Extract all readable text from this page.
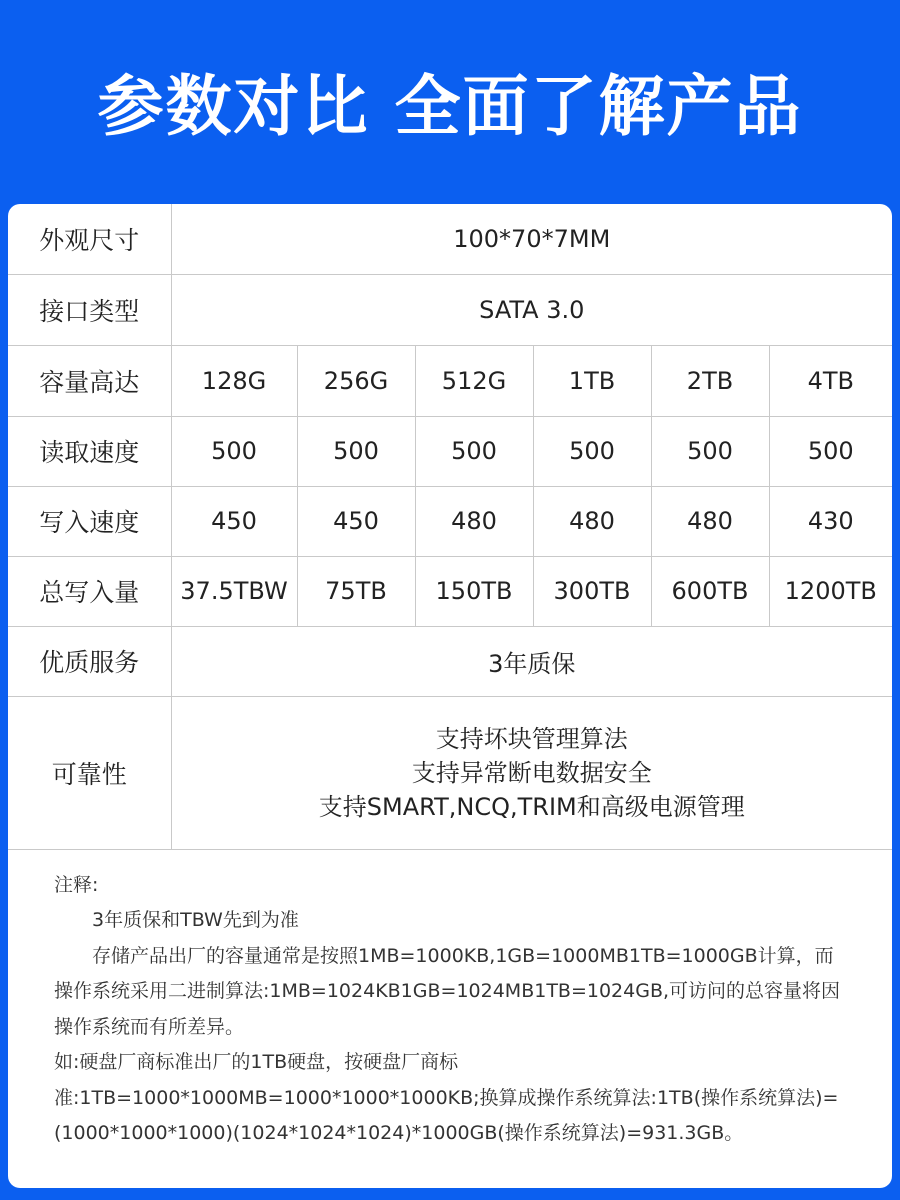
参数对比 全面了解产品
外观尺寸	100*70*7MM					
接口类型	SATA 3.0					
容量高达	128G	256G	512G	1TB	2TB	4TB
读取速度	500	500	500	500	500	500
写入速度	450	450	480	480	480	430
总写入量	37.5TBW	75TB	150TB	300TB	600TB	1200TB
优质服务	3年质保					
可靠性	支持坏块管理算法
支持异常断电数据安全
支持SMART,NCQ,TRIM和高级电源管理					

注释:

3年质保和TBW先到为准

存储产品出厂的容量通常是按照1MB=1000KB,1GB=1000MB1TB=1000GB计算，而操作系统采用二进制算法:1MB=1024KB1GB=1024MB1TB=1024GB,可访问的总容量将因操作系统而有所差异。

如:硬盘厂商标准出厂的1TB硬盘，按硬盘厂商标准:1TB=1000*1000MB=1000*1000*1000KB;换算成操作系统算法:1TB(操作系统算法)=(1000*1000*1000)(1024*1024*1024)*1000GB(操作系统算法)=931.3GB。
